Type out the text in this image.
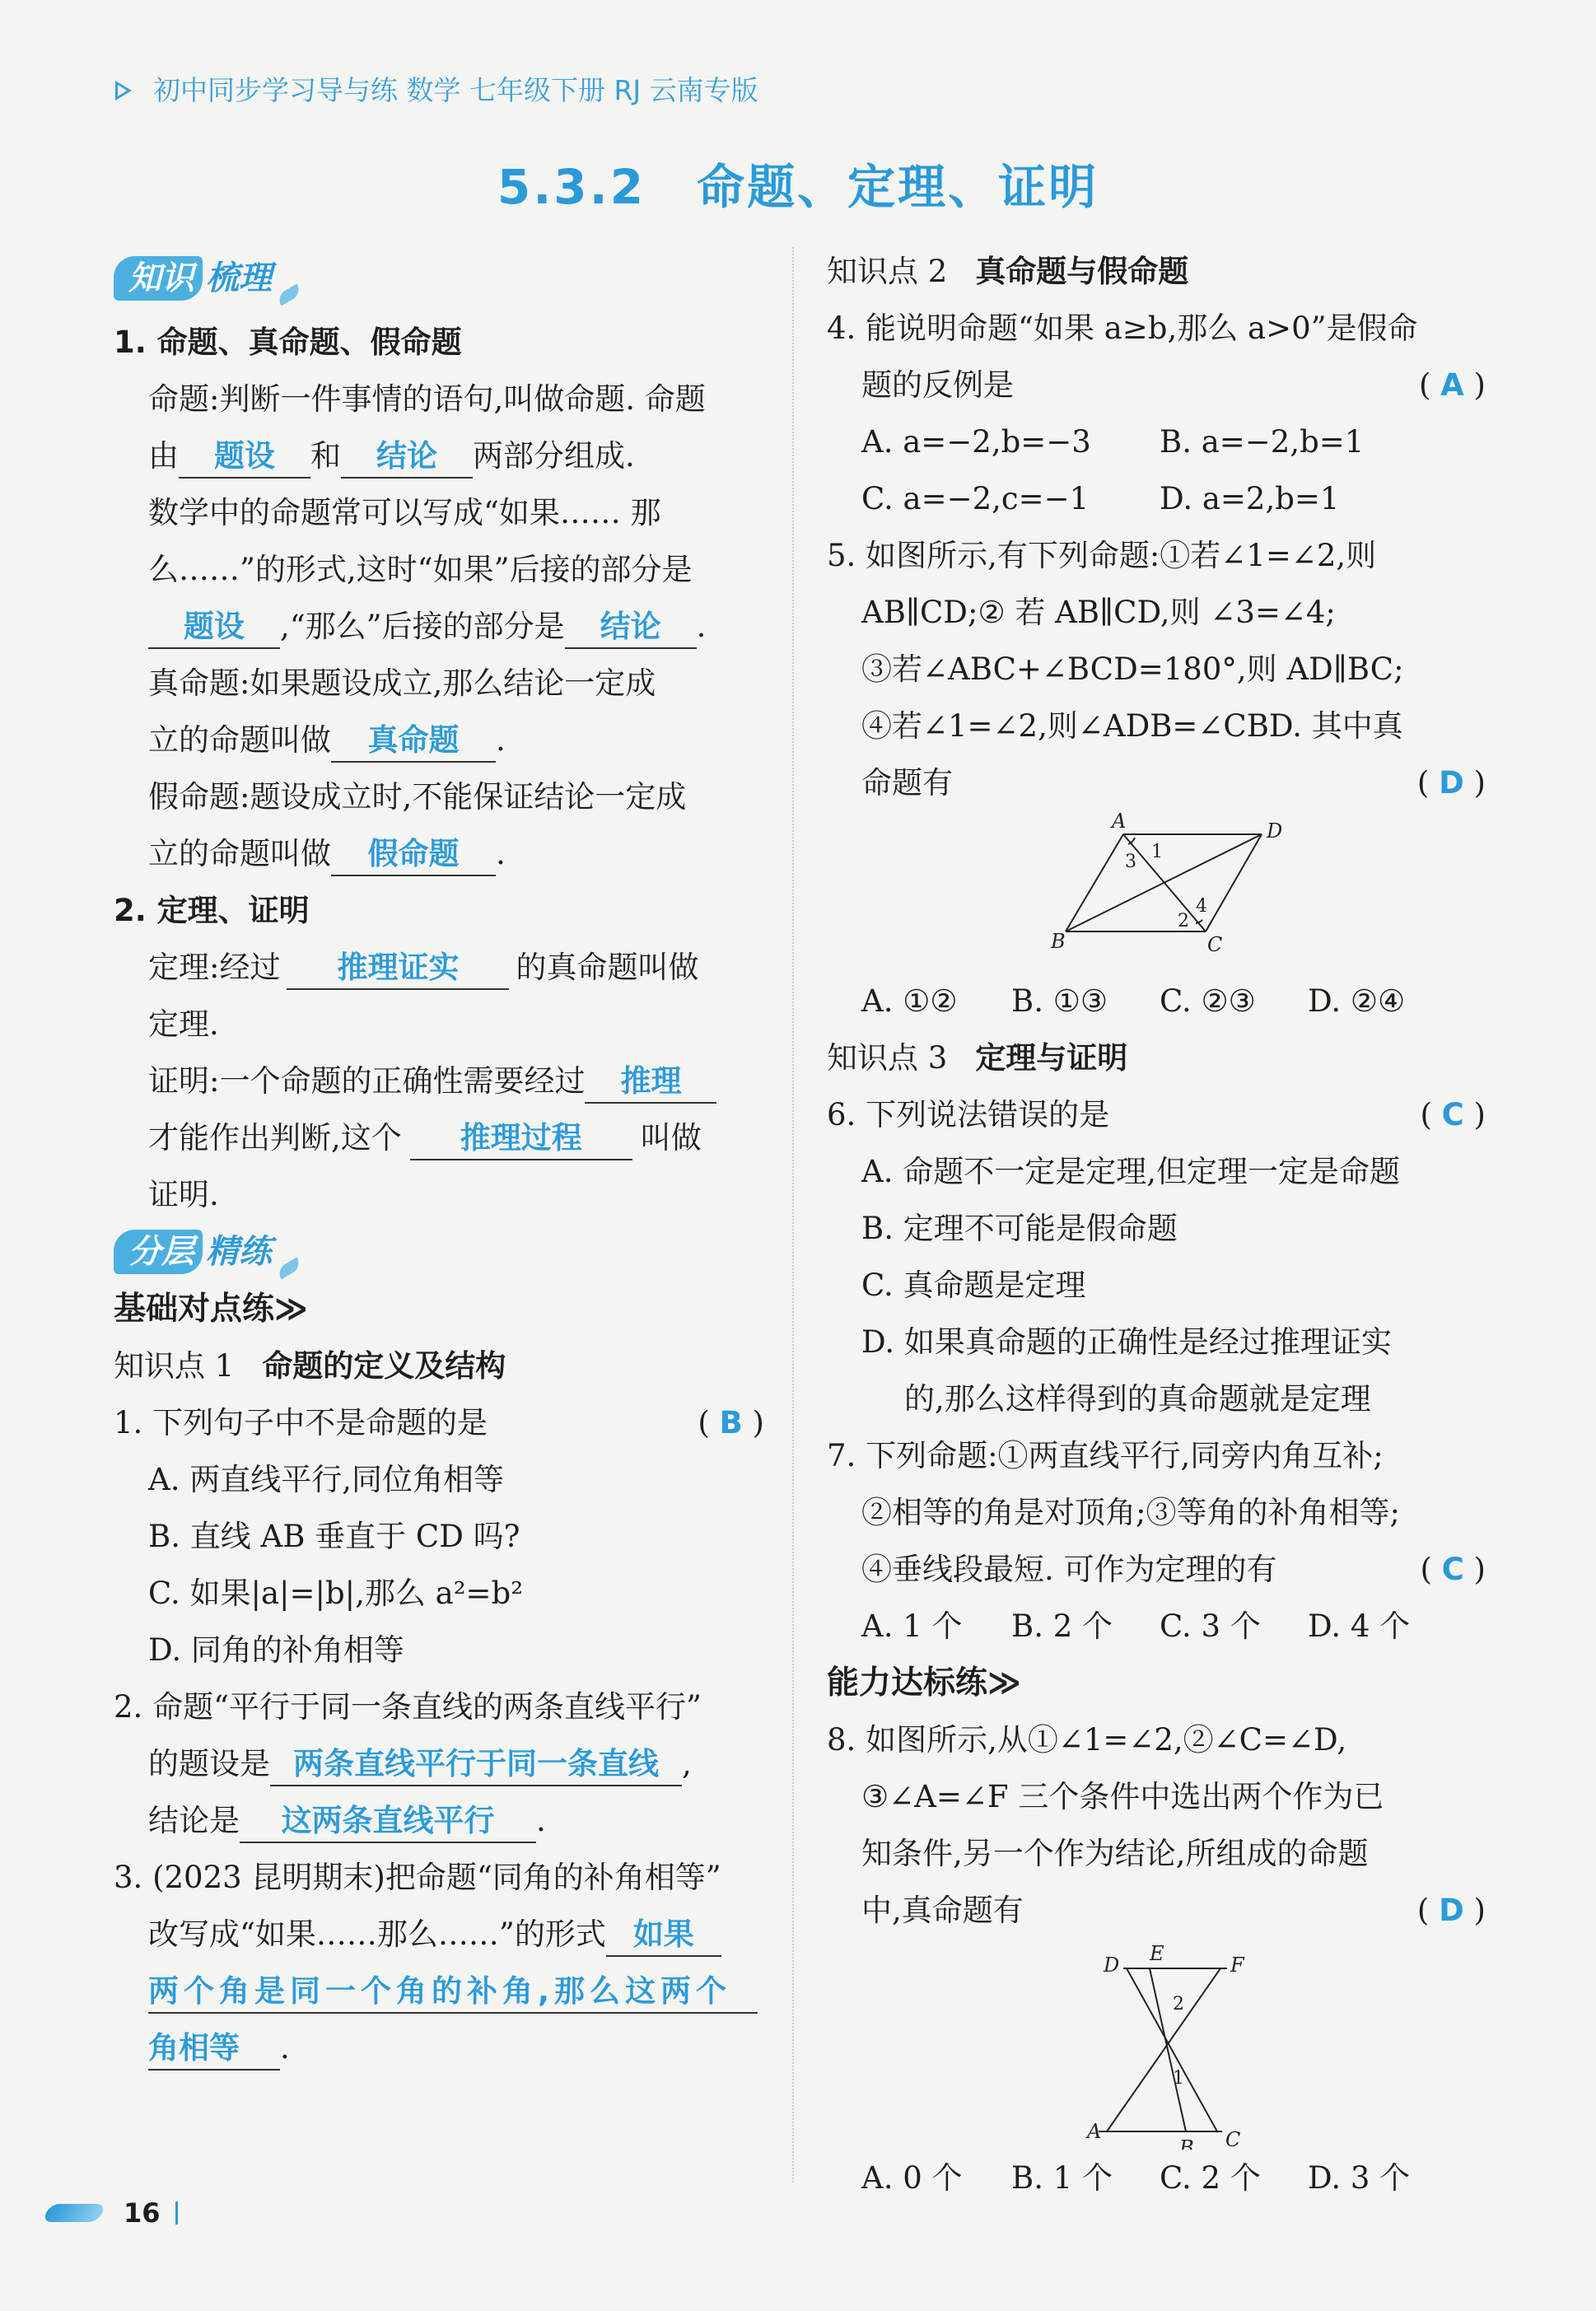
初中同步学习导与练 数学 七年级下册 RJ 云南专版
5.3.2 命题、定理、证明
知识 梳理
1. 命题、真命题、假命题
命题:判断一件事情的语句,叫做命题. 命题
由 题设 和 结论 两部分组成.
数学中的命题常可以写成“如果…… 那
么……”的形式,这时“如果”后接的部分是
题设 ,“那么”后接的部分是 结论 .
真命题:如果题设成立,那么结论一定成
立的命题叫做 真命题 .
假命题:题设成立时,不能保证结论一定成
立的命题叫做 假命题 .
2. 定理、证明
定理:经过 推理证实 的真命题叫做
定理.
证明:一个命题的正确性需要经过 推理
才能作出判断,这个 推理过程 叫做
证明.
分层 精练
基础对点练≫
知识点 1 命题的定义及结构
1. 下列句子中不是命题的是	( B )
A. 两直线平行,同位角相等
B. 直线 AB 垂直于 CD 吗?
C. 如果|a|=|b|,那么 a²=b²
D. 同角的补角相等
2. 命题“平行于同一条直线的两条直线平行”
的题设是 两条直线平行于同一条直线 ,
结论是 这两条直线平行 .
3. (2023 昆明期末)把命题“同角的补角相等”
改写成“如果……那么……”的形式 如果
两个角是同一个角的补角,那么这两个
角相等 .
知识点 2 真命题与假命题
4. 能说明命题“如果 a≥b,那么 a>0”是假命
题的反例是	( A )
A. a=−2,b=−3	B. a=−2,b=1
C. a=−2,c=−1	D. a=2,b=1
5. 如图所示,有下列命题:①若∠1=∠2,则
AB∥CD;② 若 AB∥CD,则 ∠3=∠4;
③若∠ABC+∠BCD=180°,则 AD∥BC;
④若∠1=∠2,则∠ADB=∠CBD. 其中真
命题有	( D )
A	D
B	C
1
3
2
4
A. ①②	B. ①③	C. ②③	D. ②④
知识点 3 定理与证明
6. 下列说法错误的是	( C )
A. 命题不一定是定理,但定理一定是命题
B. 定理不可能是假命题
C. 真命题是定理
D. 如果真命题的正确性是经过推理证实
的,那么这样得到的真命题就是定理
7. 下列命题:①两直线平行,同旁内角互补;
②相等的角是对顶角;③等角的补角相等;
④垂线段最短. 可作为定理的有	( C )
A. 1 个	B. 2 个	C. 3 个	D. 4 个
能力达标练≫
8. 如图所示,从①∠1=∠2,②∠C=∠D,
③∠A=∠F 三个条件中选出两个作为已
知条件,另一个作为结论,所组成的命题
中,真命题有	( D )
D E	F
A
B C
1
2
A. 0 个	B. 1 个	C. 2 个	D. 3 个
16
